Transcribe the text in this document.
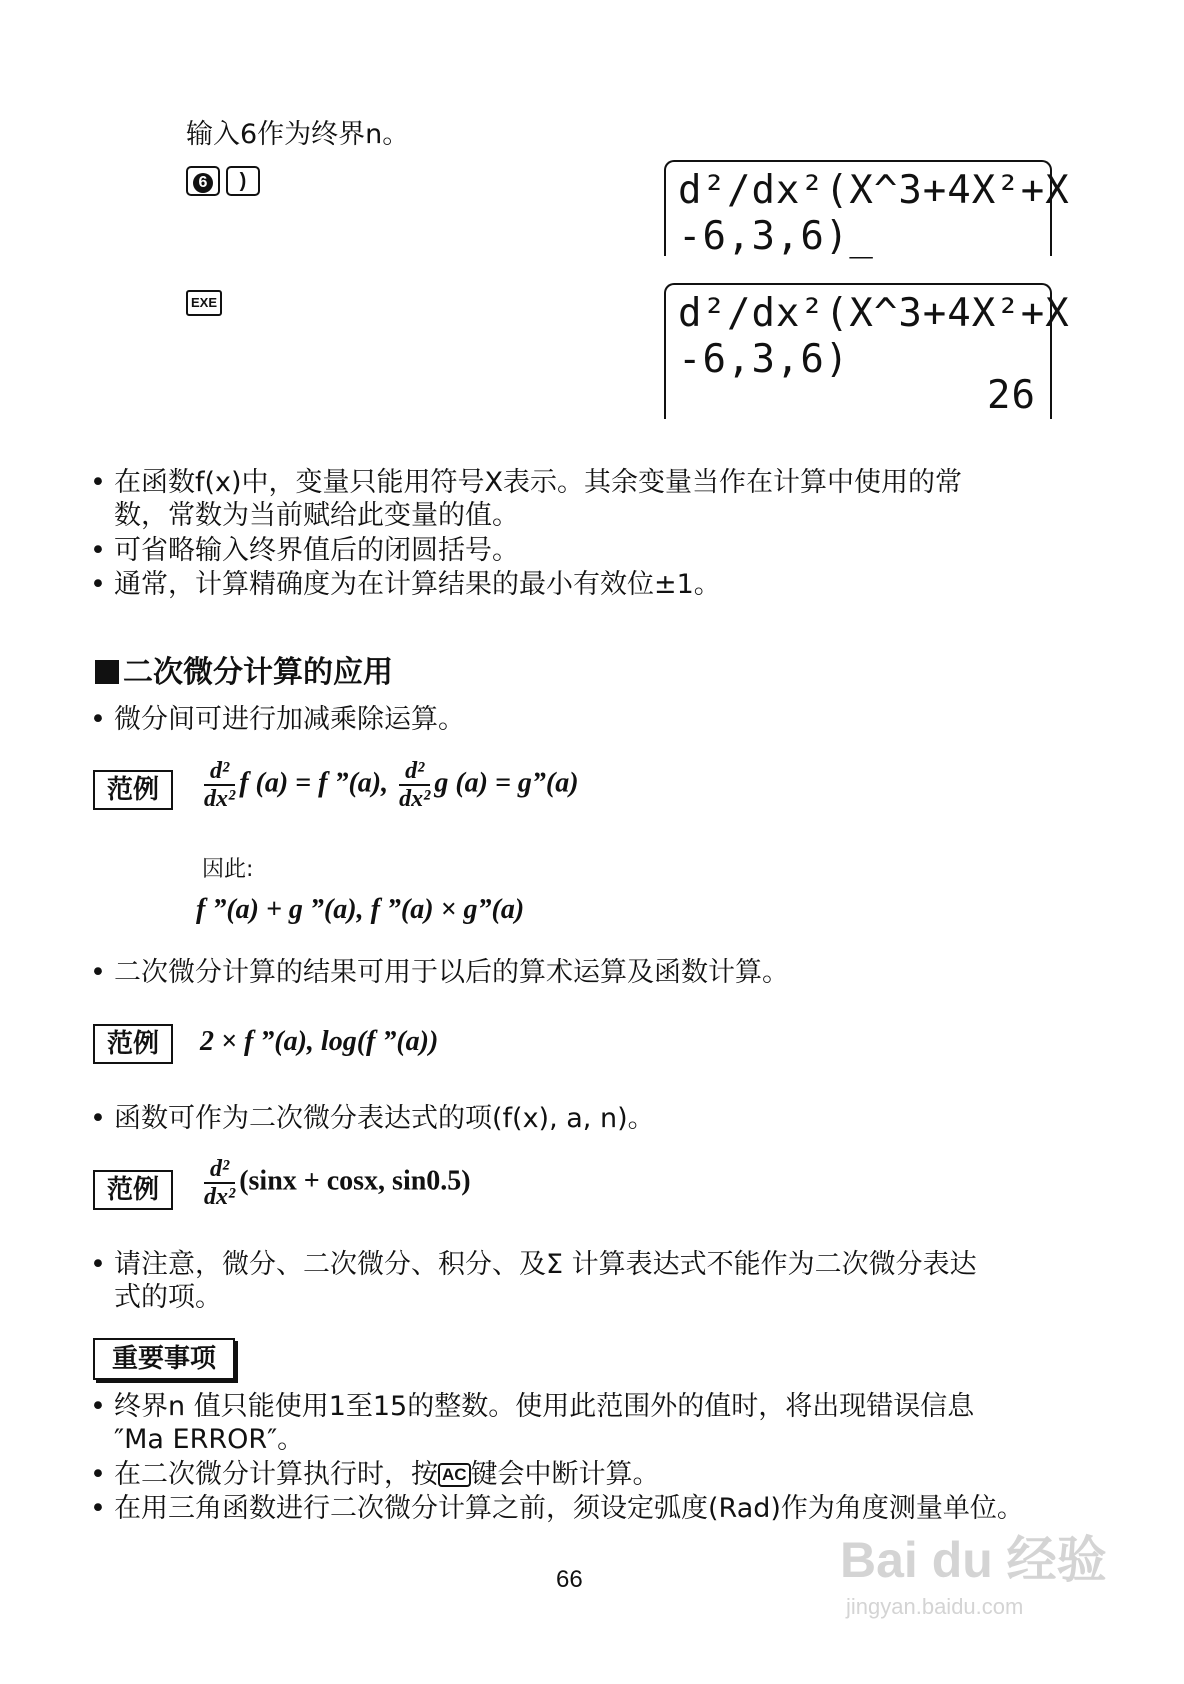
输入6作为终界n。
6	)	d²/dx²(X^3+4X²+X
-6,3,6)_
EXE	d²/dx²(X^3+4X²+X
-6,3,6)
26
• 在函数f(x)中，变量只能用符号X表示。其余变量当作在计算中使用的常
数，常数为当前赋给此变量的值。
• 可省略输入终界值后的闭圆括号。
• 通常，计算精确度为在计算结果的最小有效位±1。
二次微分计算的应用
• 微分间可进行加减乘除运算。
范例	$\frac{\text{d²}}{\text{dx²}}$ f (a) = f ”(a), $\frac{\text{d²}}{\text{dx²}}$ g (a) = g”(a)
因此:
f ”(a) + g ”(a), f ”(a) × g”(a)
• 二次微分计算的结果可用于以后的算术运算及函数计算。
范例	2 × f ”(a), log(f ”(a))
• 函数可作为二次微分表达式的项(f(x), a, n)。
范例	$\frac{\text{d²}}{\text{dx²}} (\sin x + \cos x$, sin0.5)
• 请注意，微分、二次微分、积分、及Σ 计算表达式不能作为二次微分表达
式的项。
重要事项
• 终界n 值只能使用1至15的整数。使用此范围外的值时，将出现错误信息
″Ma ERROR″。
• 在二次微分计算执行时，按 AC 键会中断计算。
• 在用三角函数进行二次微分计算之前，须设定弧度(Rad)作为角度测量单位。
66	Bai du 经验
jingyan.baidu.com
